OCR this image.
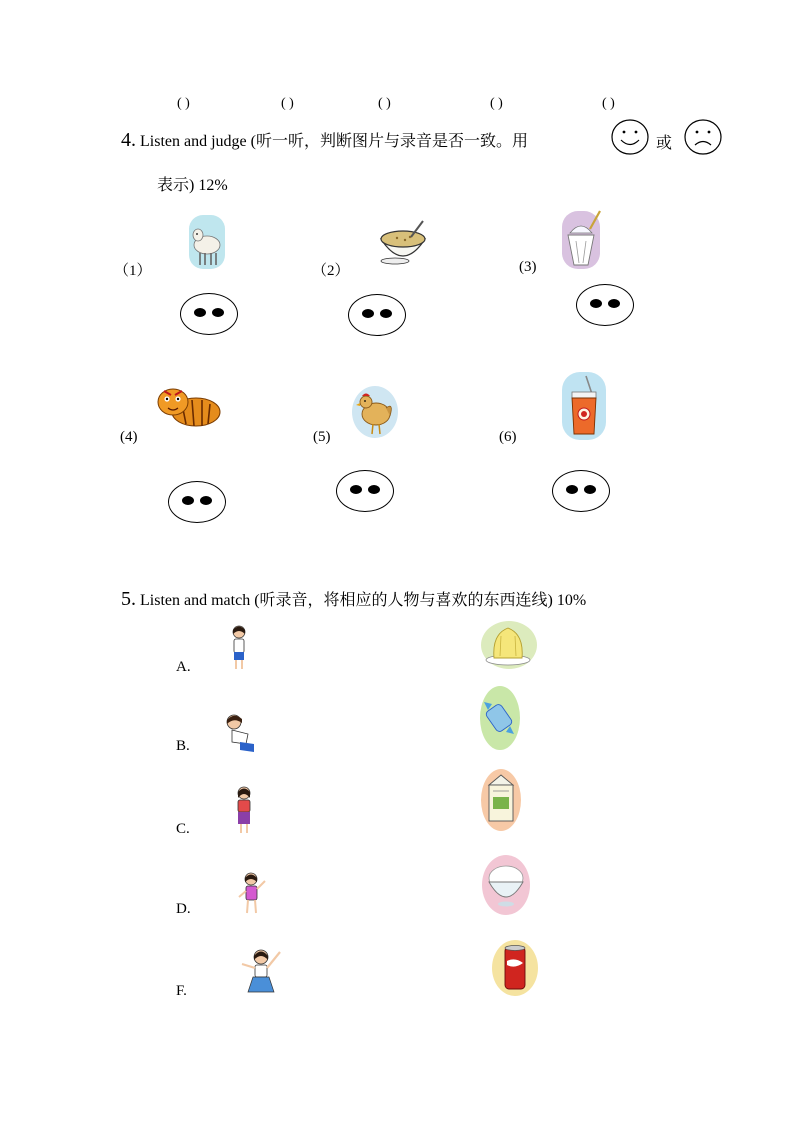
( )	( )	( )	( )	( )
4. Listen and judge (听一听，判断图片与录音是否一致。用	或
表示) 12%
（1）	（2）	(3)
(4)	(5)	(6)
5. Listen and match (听录音，将相应的人物与喜欢的东西连线) 10%
A.
B.
C.
D.
F.
